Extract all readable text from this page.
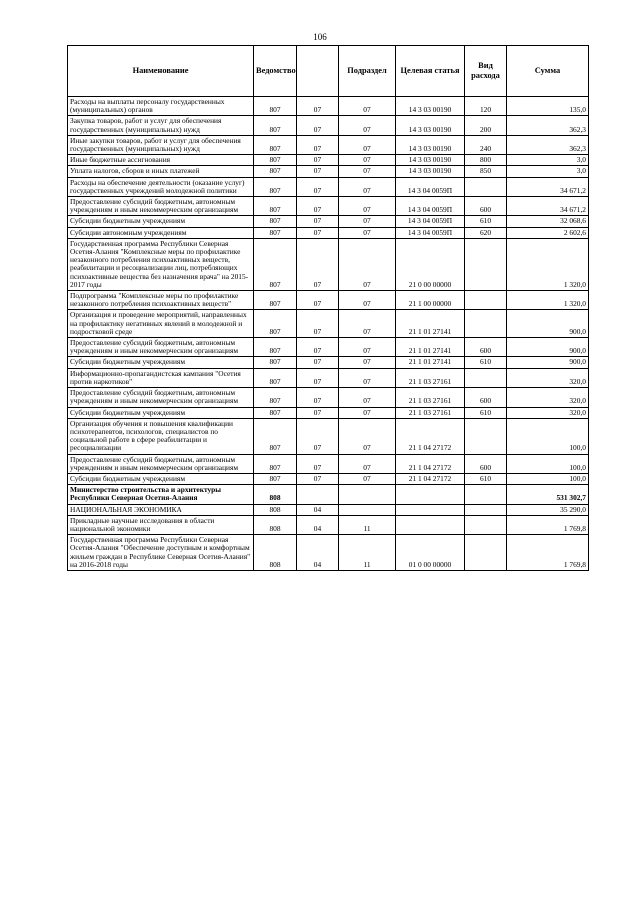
106
Наименование	Ведомство		Подраздел	Целевая статья	Вид расхода	Сумма
Расходы на выплаты персоналу государственных (муниципальных) органов	807	07	07	14 3 03 00190	120	135,0
Закупка товаров, работ и услуг для обеспечения государственных (муниципальных) нужд	807	07	07	14 3 03 00190	200	362,3
Иные закупки товаров, работ и услуг для обеспечения государственных (муниципальных) нужд	807	07	07	14 3 03 00190	240	362,3
Иные бюджетные ассигнования	807	07	07	14 3 03 00190	800	3,0
Уплата налогов, сборов и иных платежей	807	07	07	14 3 03 00190	850	3,0
Расходы на обеспечение деятельности (оказание услуг) государственных учреждений молодежной политики	807	07	07	14 3 04 0059П		34 671,2
Предоставление субсидий бюджетным, автономным учреждениям и иным некоммерческим организациям	807	07	07	14 3 04 0059П	600	34 671,2
Субсидии бюджетным учреждениям	807	07	07	14 3 04 0059П	610	32 068,6
Субсидии автономным учреждениям	807	07	07	14 3 04 0059П	620	2 602,6
Государственная программа Республики Северная Осетия-Алания "Комплексные меры по профилактике незаконного потребления психоактивных веществ, реабилитации и ресоциализации лиц, потребляющих психоактивные вещества без назначения врача" на 2015-2017 годы	807	07	07	21 0 00 00000		1 320,0
Подпрограмма "Комплексные меры по профилактике незаконного потребления психоактивных веществ"	807	07	07	21 1 00 00000		1 320,0
Организация и проведение мероприятий, направленных на профилактику негативных явлений в молодежной и подростковой среде	807	07	07	21 1 01 27141		900,0
Предоставление субсидий бюджетным, автономным учреждениям и иным некоммерческим организациям	807	07	07	21 1 01 27141	600	900,0
Субсидии бюджетным учреждениям	807	07	07	21 1 01 27141	610	900,0
Информационно-пропагандистская кампания "Осетия против наркотиков"	807	07	07	21 1 03 27161		320,0
Предоставление субсидий бюджетным, автономным учреждениям и иным некоммерческим организациям	807	07	07	21 1 03 27161	600	320,0
Субсидии бюджетным учреждениям	807	07	07	21 1 03 27161	610	320,0
Организация обучения и повышения квалификации психотерапевтов, психологов, специалистов по социальной работе в сфере реабилитации и ресоциализации	807	07	07	21 1 04 27172		100,0
Предоставление субсидий бюджетным, автономным учреждениям и иным некоммерческим организациям	807	07	07	21 1 04 27172	600	100,0
Субсидии бюджетным учреждениям	807	07	07	21 1 04 27172	610	100,0
Министерство строительства и архитектуры Республики Северная Осетия-Алания	808					531 302,7
НАЦИОНАЛЬНАЯ ЭКОНОМИКА	808	04				35 290,0
Прикладные научные исследования в области национальной экономики	808	04	11			1 769,8
Государственная программа Республики Северная Осетия-Алания "Обеспечение доступным и комфортным жильем граждан в Республике Северная Осетия-Алания" на 2016-2018 годы	808	04	11	01 0 00 00000		1 769,8
